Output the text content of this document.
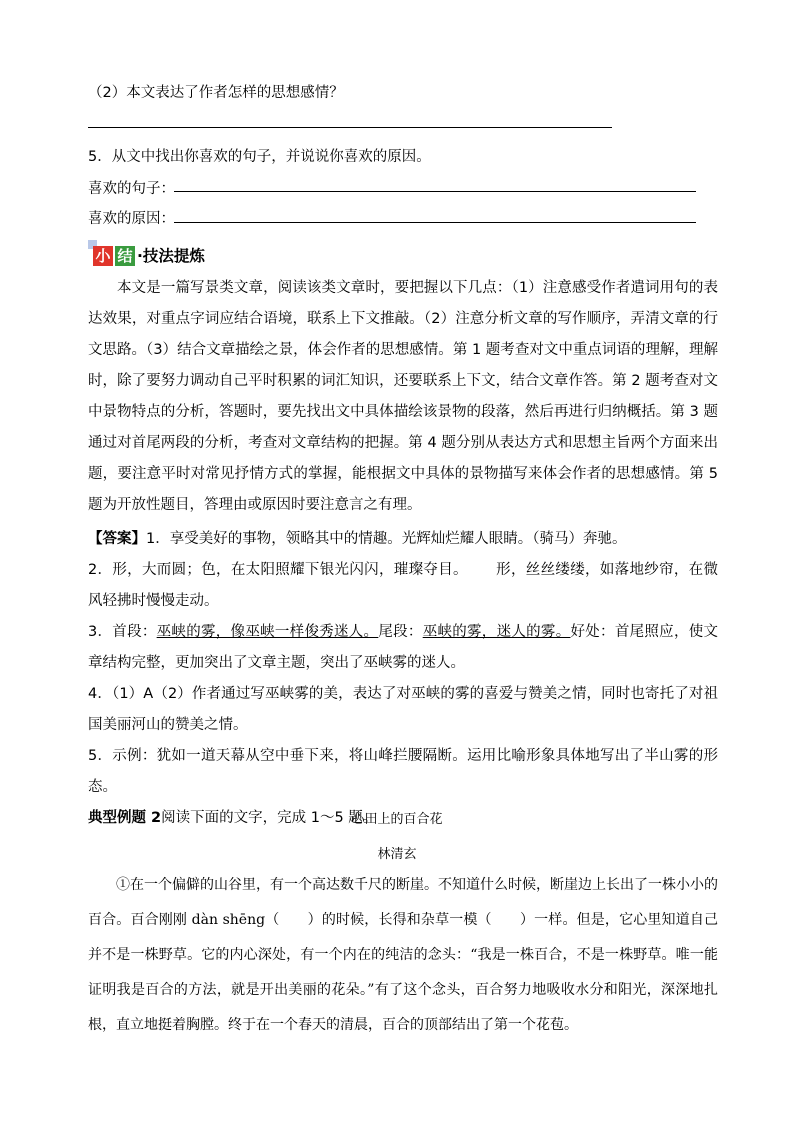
（2）本文表达了作者怎样的思想感情？
5．从文中找出你喜欢的句子，并说说你喜欢的原因。
喜欢的句子：
喜欢的原因：
小 结 ·技法提炼

本文是一篇写景类文章，阅读该类文章时，要把握以下几点：（1）注意感受作者遣词用句的表达效果，对重点字词应结合语境，联系上下文推敲。（2）注意分析文章的写作顺序，弄清文章的行文思路。（3）结合文章描绘之景，体会作者的思想感情。第 1 题考查对文中重点词语的理解，理解时，除了要努力调动自己平时积累的词汇知识，还要联系上下文，结合文章作答。第 2 题考查对文中景物特点的分析，答题时，要先找出文中具体描绘该景物的段落，然后再进行归纳概括。第 3 题通过对首尾两段的分析，考查对文章结构的把握。第 4 题分别从表达方式和思想主旨两个方面来出题，要注意平时对常见抒情方式的掌握，能根据文中具体的景物描写来体会作者的思想感情。第 5 题为开放性题目，答理由或原因时要注意言之有理。

【答案】1．享受美好的事物，领略其中的情趣。光辉灿烂耀人眼睛。（骑马）奔驰。

2．形，大而圆；色，在太阳照耀下银光闪闪，璀璨夺目。 形，丝丝缕缕，如落地纱帘，在微风轻拂时慢慢走动。

3．首段：巫峡的雾，像巫峡一样俊秀迷人。尾段：巫峡的雾，迷人的雾。好处：首尾照应，使文章结构完整，更加突出了文章主题，突出了巫峡雾的迷人。

4．（1）A（2）作者通过写巫峡雾的美，表达了对巫峡的雾的喜爱与赞美之情，同时也寄托了对祖国美丽河山的赞美之情。

5．示例：犹如一道天幕从空中垂下来，将山峰拦腰隔断。运用比喻形象具体地写出了半山雾的形态。

典型例题 2阅读下面的文字，完成 1～5 题。

心田上的百合花
林清玄

①在一个偏僻的山谷里，有一个高达数千尺的断崖。不知道什么时候，断崖边上长出了一株小小的百合。百合刚刚 dàn shēng（　　）的时候，长得和杂草一模（　　）一样。但是，它心里知道自己并不是一株野草。它的内心深处，有一个内在的纯洁的念头：“我是一株百合，不是一株野草。唯一能证明我是百合的方法，就是开出美丽的花朵。”有了这个念头，百合努力地吸收水分和阳光，深深地扎根，直立地挺着胸膛。终于在一个春天的清晨，百合的顶部结出了第一个花苞。
